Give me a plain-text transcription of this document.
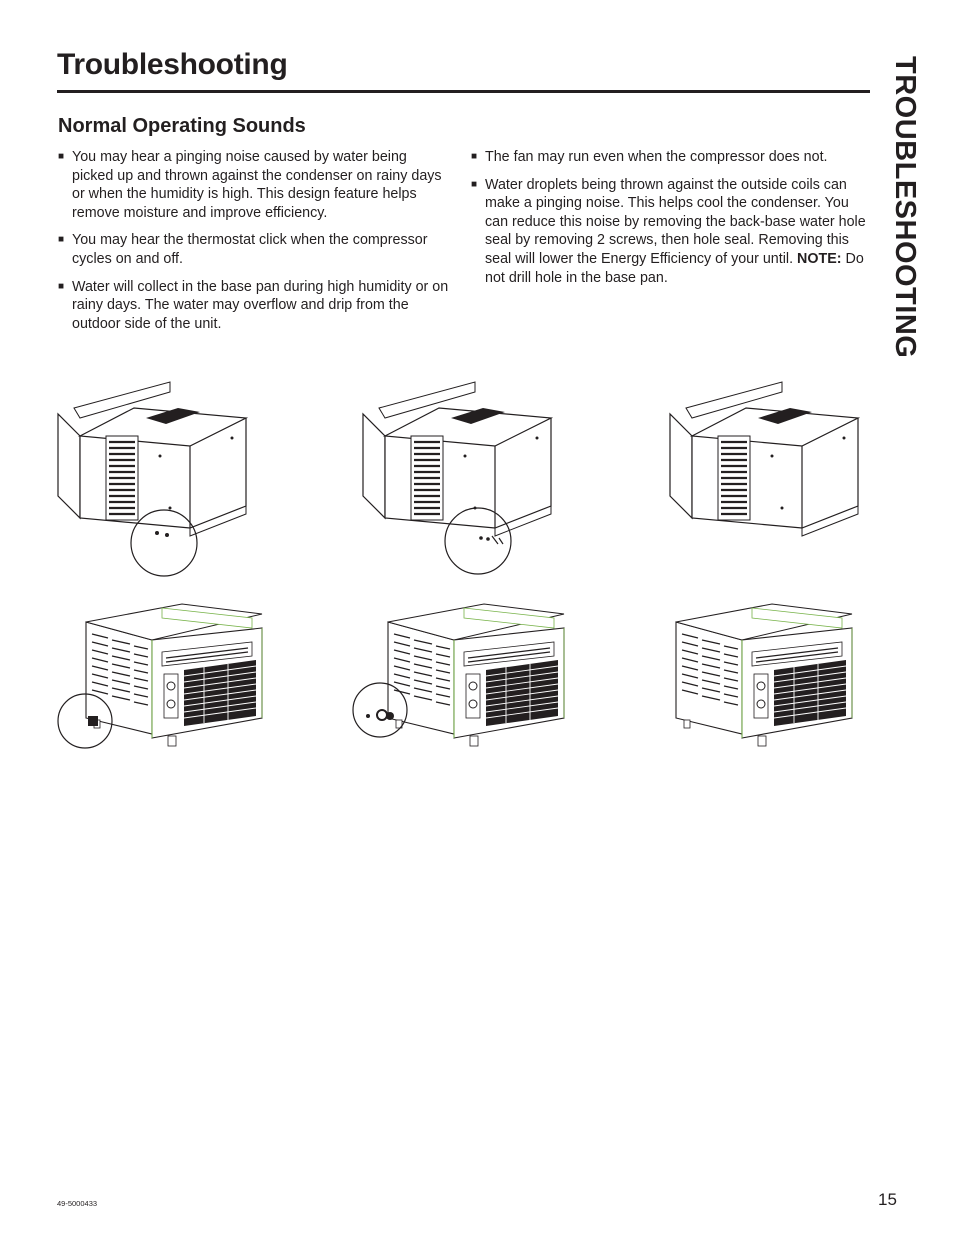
Troubleshooting	TROUBLESHOOTING
Normal Operating Sounds
■ You may hear a pinging noise caused by water being picked up and thrown against the condenser on rainy days or when the humidity is high. This design feature helps remove moisture and improve efficiency.
■ You may hear the thermostat click when the compressor cycles on and off.
■ Water will collect in the base pan during high humidity or on rainy days. The water may overflow and drip from the outdoor side of the unit.
■ The fan may run even when the compressor does not.
■ Water droplets being thrown against the outside coils can make a pinging noise. This helps cool the condenser. You can reduce this noise by removing the back-base water hole seal by removing 2 screws, then hole seal. Removing this seal will lower the Energy Efficiency of your until. NOTE: Do not drill hole in the base pan.
49-5000433	15
